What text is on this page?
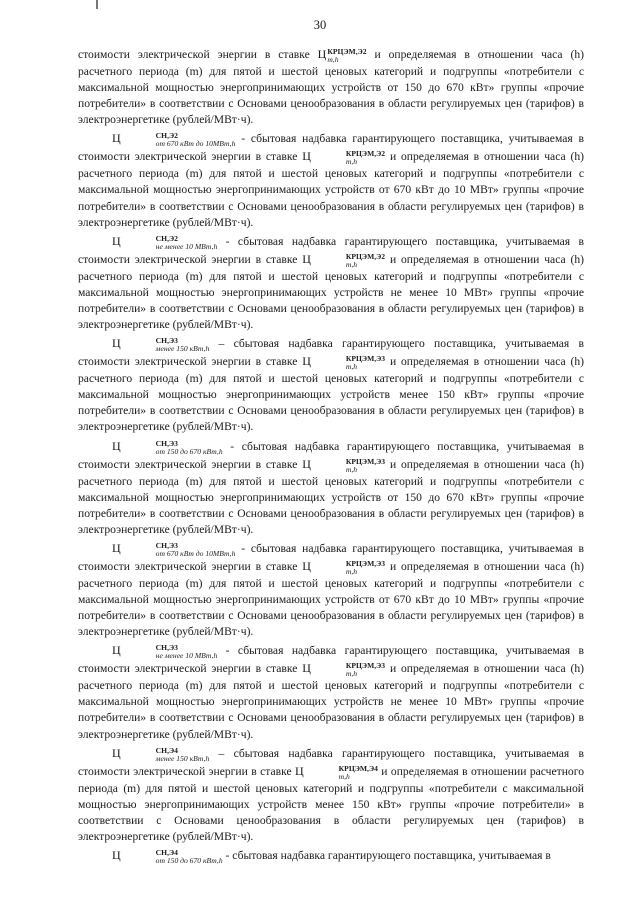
30

стоимости электрической энергии в ставке Ц КРЦЭМ,Э2
m,h	и определяемая в отношении часа (h) расчетного периода (m) для пятой и шестой ценовых категорий и подгруппы «потребители с максимальной мощностью энергопринимающих устройств от 150 до 670 кВт» группы «прочие потребители» в соответствии с Основами ценообразования в области регулируемых цен (тарифов) в электроэнергетике (рублей/МВт·ч).

Ц	СН,Э2
от 670 кВт до 10МВт,h - сбытовая надбавка гарантирующего поставщика, учитываемая в стоимости электрической энергии в ставке Ц	КРЦЭМ,Э2
m,h	и определяемая в отношении часа (h) расчетного периода (m) для пятой и шестой ценовых категорий и подгруппы «потребители с максимальной мощностью энергопринимающих устройств от 670 кВт до 10 МВт» группы «прочие потребители» в соответствии с Основами ценообразования в области регулируемых цен (тарифов) в электроэнергетике (рублей/МВт·ч).

Ц	СН,Э2
не менее 10 МВт,h - сбытовая надбавка гарантирующего поставщика, учитываемая в стоимости электрической энергии в ставке Ц	КРЦЭМ,Э2
m,h	и определяемая в отношении часа (h) расчетного периода (m) для пятой и шестой ценовых категорий и подгруппы «потребители с максимальной мощностью энергопринимающих устройств не менее 10 МВт» группы «прочие потребители» в соответствии с Основами ценообразования в области регулируемых цен (тарифов) в электроэнергетике (рублей/МВт·ч).

Ц	СН,Э3
менее 150 кВт,h – сбытовая надбавка гарантирующего поставщика, учитываемая в стоимости электрической энергии в ставке Ц	КРЦЭМ,Э3
m,h	и определяемая в отношении часа (h) расчетного периода (m) для пятой и шестой ценовых категорий и подгруппы «потребители с максимальной мощностью энергопринимающих устройств менее 150 кВт» группы «прочие потребители» в соответствии с Основами ценообразования в области регулируемых цен (тарифов) в электроэнергетике (рублей/МВт·ч).

Ц	СН,Э3
от 150 до 670 кВт,h - сбытовая надбавка гарантирующего поставщика, учитываемая в стоимости электрической энергии в ставке Ц	КРЦЭМ,Э3
m,h	и определяемая в отношении часа (h) расчетного периода (m) для пятой и шестой ценовых категорий и подгруппы «потребители с максимальной мощностью энергопринимающих устройств от 150 до 670 кВт» группы «прочие потребители» в соответствии с Основами ценообразования в области регулируемых цен (тарифов) в электроэнергетике (рублей/МВт·ч).

Ц	СН,Э3
от 670 кВт до 10МВт,h - сбытовая надбавка гарантирующего поставщика, учитываемая в стоимости электрической энергии в ставке Ц	КРЦЭМ,Э3
m,h	и определяемая в отношении часа (h) расчетного периода (m) для пятой и шестой ценовых категорий и подгруппы «потребители с максимальной мощностью энергопринимающих устройств от 670 кВт до 10 МВт» группы «прочие потребители» в соответствии с Основами ценообразования в области регулируемых цен (тарифов) в электроэнергетике (рублей/МВт·ч).

Ц	СН,Э3
не менее 10 МВт,h - сбытовая надбавка гарантирующего поставщика, учитываемая в стоимости электрической энергии в ставке Ц	КРЦЭМ,Э3
m,h	и определяемая в отношении часа (h) расчетного периода (m) для пятой и шестой ценовых категорий и подгруппы «потребители с максимальной мощностью энергопринимающих устройств не менее 10 МВт» группы «прочие потребители» в соответствии с Основами ценообразования в области регулируемых цен (тарифов) в электроэнергетике (рублей/МВт·ч).

Ц	СН,Э4
менее 150 кВт,h – сбытовая надбавка гарантирующего поставщика, учитываемая в стоимости электрической энергии в ставке Ц	КРЦЭМ,Э4
m,h	и определяемая в отношении расчетного периода (m) для пятой и шестой ценовых категорий и подгруппы «потребители с максимальной мощностью энергопринимающих устройств менее 150 кВт» группы «прочие потребители» в соответствии с Основами ценообразования в области регулируемых цен (тарифов) в электроэнергетике (рублей/МВт·ч).

Ц	СН,Э4
от 150 до 670 кВт,h - сбытовая надбавка гарантирующего поставщика, учитываемая в
